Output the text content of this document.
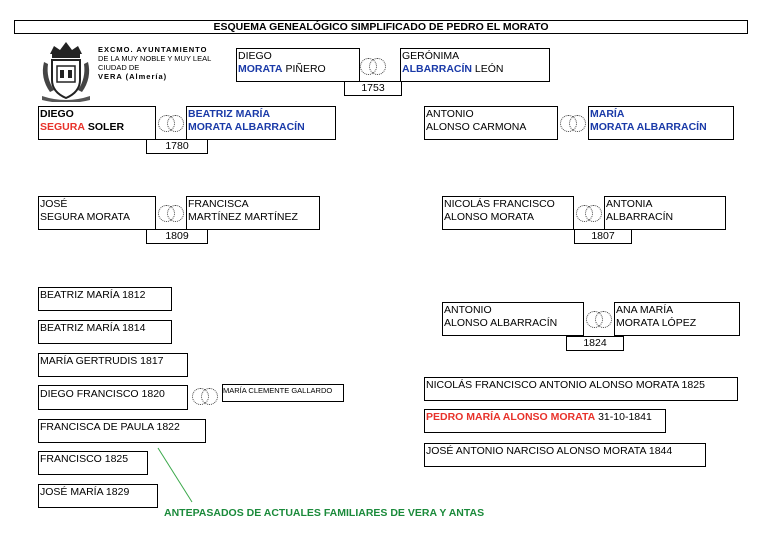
ESQUEMA GENEALÓGICO SIMPLIFICADO DE PEDRO EL MORATO
EXCMO. AYUNTAMIENTO
DE LA MUY NOBLE Y MUY LEAL
CIUDAD DE
VERA (Almería)
DIEGO
MORATA PIÑERO
GERÓNIMA
ALBARRACÍN LEÓN
1753
DIEGO
SEGURA SOLER
BEATRIZ MARÍA
MORATA ALBARRACÍN
1780
ANTONIO
ALONSO CARMONA
MARÍA
MORATA ALBARRACÍN
JOSÉ
SEGURA MORATA
FRANCISCA
MARTÍNEZ MARTÍNEZ
1809
NICOLÁS FRANCISCO
ALONSO MORATA
ANTONIA
ALBARRACÍN
1807
ANTONIO
ALONSO ALBARRACÍN
ANA MARÍA
MORATA LÓPEZ
1824
BEATRIZ MARÍA 1812
BEATRIZ MARÍA 1814
MARÍA GERTRUDIS 1817
DIEGO FRANCISCO 1820	MARÍA CLEMENTE GALLARDO
FRANCISCA DE PAULA 1822
FRANCISCO 1825
JOSÉ MARÍA 1829
NICOLÁS FRANCISCO ANTONIO ALONSO MORATA 1825
PEDRO MARÍA ALONSO MORATA 31-10-1841
JOSÉ ANTONIO NARCISO ALONSO MORATA 1844
ANTEPASADOS DE ACTUALES FAMILIARES DE VERA Y ANTAS
